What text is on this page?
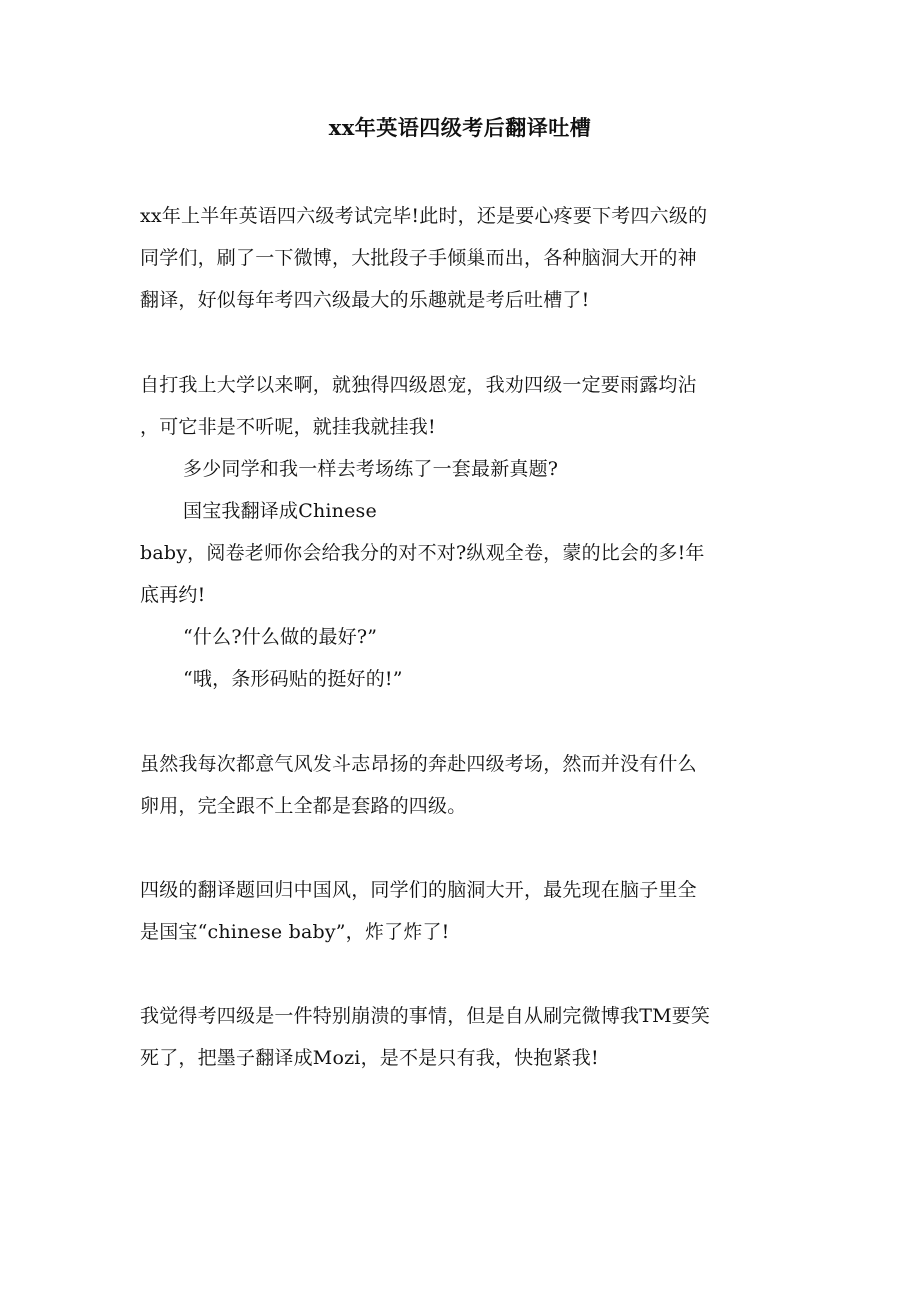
xx年英语四级考后翻译吐槽
xx年上半年英语四六级考试完毕!此时，还是要心疼要下考四六级的
同学们，刷了一下微博，大批段子手倾巢而出，各种脑洞大开的神
翻译，好似每年考四六级最大的乐趣就是考后吐槽了!
自打我上大学以来啊，就独得四级恩宠，我劝四级一定要雨露均沾
，可它非是不听呢，就挂我就挂我!
多少同学和我一样去考场练了一套最新真题?
国宝我翻译成Chinese
baby，阅卷老师你会给我分的对不对?纵观全卷，蒙的比会的多!年
底再约!
“什么?什么做的最好?”
“哦，条形码贴的挺好的!”
虽然我每次都意气风发斗志昂扬的奔赴四级考场，然而并没有什么
卵用，完全跟不上全都是套路的四级。
四级的翻译题回归中国风，同学们的脑洞大开，最先现在脑子里全
是国宝“chinese baby”，炸了炸了!
我觉得考四级是一件特别崩溃的事情，但是自从刷完微博我TM要笑
死了，把墨子翻译成Mozi，是不是只有我，快抱紧我!
